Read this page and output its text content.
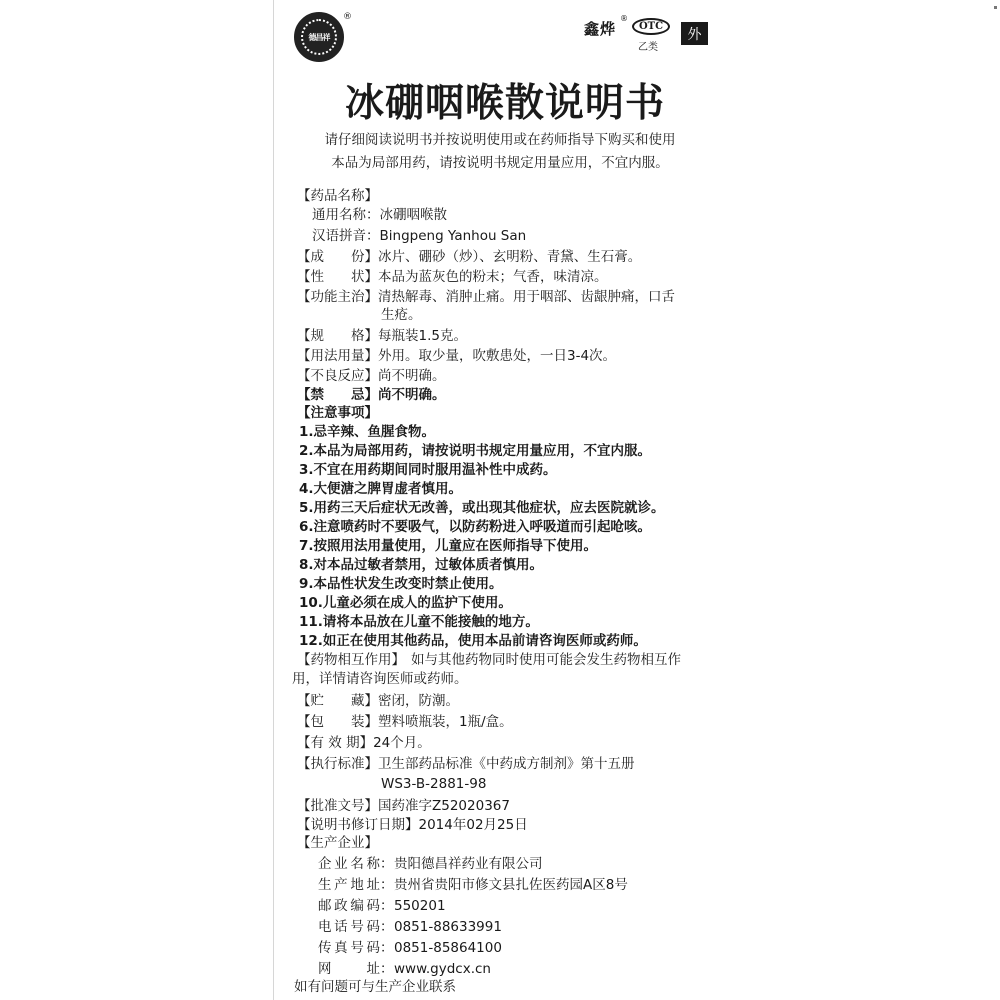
德昌祥
®
鑫烨
®
OTC
乙类
外
冰硼咽喉散说明书
请仔细阅读说明书并按说明使用或在药师指导下购买和使用
本品为局部用药，请按说明书规定用量应用，不宜内服。
【药品名称】
通用名称：冰硼咽喉散
汉语拼音：Bingpeng Yanhou San
【成　　份】冰片、硼砂（炒）、玄明粉、青黛、生石膏。
【性　　状】本品为蓝灰色的粉末；气香，味清凉。
【功能主治】清热解毒、消肿止痛。用于咽部、齿龈肿痛，口舌
生疮。
【规　　格】每瓶装1.5克。
【用法用量】外用。取少量，吹敷患处，一日3-4次。
【不良反应】尚不明确。
【禁　　忌】尚不明确。
【注意事项】
1.忌辛辣、鱼腥食物。
2.本品为局部用药，请按说明书规定用量应用，不宜内服。
3.不宜在用药期间同时服用温补性中成药。
4.大便溏之脾胃虚者慎用。
5.用药三天后症状无改善，或出现其他症状，应去医院就诊。
6.注意喷药时不要吸气，以防药粉进入呼吸道而引起呛咳。
7.按照用法用量使用，儿童应在医师指导下使用。
8.对本品过敏者禁用，过敏体质者慎用。
9.本品性状发生改变时禁止使用。
10.儿童必须在成人的监护下使用。
11.请将本品放在儿童不能接触的地方。
12.如正在使用其他药品，使用本品前请咨询医师或药师。
【药物相互作用】 如与其他药物同时使用可能会发生药物相互作
用，详情请咨询医师或药师。
【贮　　藏】密闭，防潮。
【包　　装】塑料喷瓶装，1瓶/盒。
【有 效 期】24个月。
【执行标准】卫生部药品标准《中药成方制剂》第十五册
WS3-B-2881-98
【批准文号】国药准字Z52020367
【说明书修订日期】2014年02月25日
【生产企业】
企业名称：贵阳德昌祥药业有限公司
生产地址：贵州省贵阳市修文县扎佐医药园A区8号
邮政编码：550201
电话号码：0851-88633991
传真号码：0851-85864100
网　　址：www.gydcx.cn
如有问题可与生产企业联系
